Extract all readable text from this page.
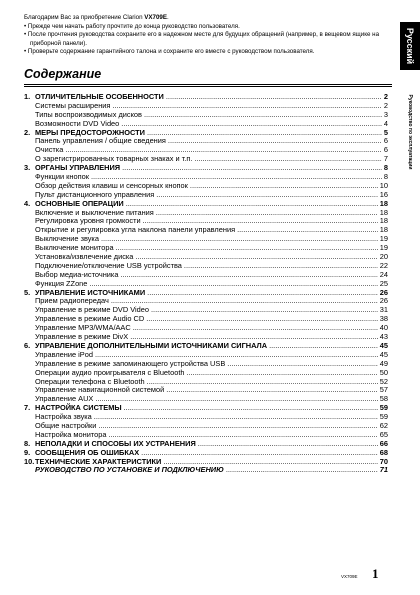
Благодарим Вас за приобретение Clarion VX709E.

• Прежде чем начать работу прочтите до конца руководство пользователя.

• После прочтения руководства сохраните его в надежном месте для будущих обращений (например, в вещевом ящике на приборной панели).

• Проверьте содержание гарантийного талона и сохраните его вместе с руководством пользователя.	Русский
Руководство по эксплуатации
Содержание
1. ОТЛИЧИТЕЛЬНЫЕ ОСОБЕННОСТИ .....	2
Системы расширения .....	2
Типы воспроизводимых дисков .....	3
Возможности DVD Video .....	4
2. МЕРЫ ПРЕДОСТОРОЖНОСТИ .....	5
Панель управления / общие сведения .....	6
Очистка .....	6
О зарегистрированных товарных знаках и т.п. .....	7
3. ОРГАНЫ УПРАВЛЕНИЯ .....	8
Функции кнопок .....	8
Обзор действия клавиш и сенсорных кнопок .....	10
Пульт дистанционного управления .....	16
4. ОСНОВНЫЕ ОПЕРАЦИИ .....	18
Включение и выключение питания .....	18
Регулировка уровня громкости .....	18
Открытие и регулировка угла наклона панели управления .....	18
Выключение звука .....	19
Выключение монитора .....	19
Установка/извлечение диска .....	20
Подключение/отключение USB устройства .....	22
Выбор медиа-источника .....	24
Функция ZZone .....	25
5. УПРАВЛЕНИЕ ИСТОЧНИКАМИ .....	26
Прием радиопередач .....	26
Управление в режиме DVD Video .....	31
Управление в режиме Audio CD .....	38
Управление MP3/WMA/AAC .....	40
Управление в режиме DivX .....	43
6. УПРАВЛЕНИЕ ДОПОЛНИТЕЛЬНЫМИ ИСТОЧНИКАМИ СИГНАЛА .....	45
Управление iPod .....	45
Управление в режиме запоминающего устройства USB .....	49
Операции аудио проигрывателя с Bluetooth .....	50
Операции телефона с Bluetooth .....	52
Управление навигационной системой .....	57
Управление AUX .....	58
7. НАСТРОЙКА СИСТЕМЫ .....	59
Настройка звука .....	59
Общие настройки .....	62
Настройка монитора .....	65
8. НЕПОЛАДКИ И СПОСОБЫ ИХ УСТРАНЕНИЯ .....	66
9. СООБЩЕНИЯ ОБ ОШИБКАХ .....	68
10. ТЕХНИЧЕСКИЕ ХАРАКТЕРИСТИКИ .....	70
РУКОВОДСТВО ПО УСТАНОВКЕ И ПОДКЛЮЧЕНИЮ .....	71
VX709E 1
